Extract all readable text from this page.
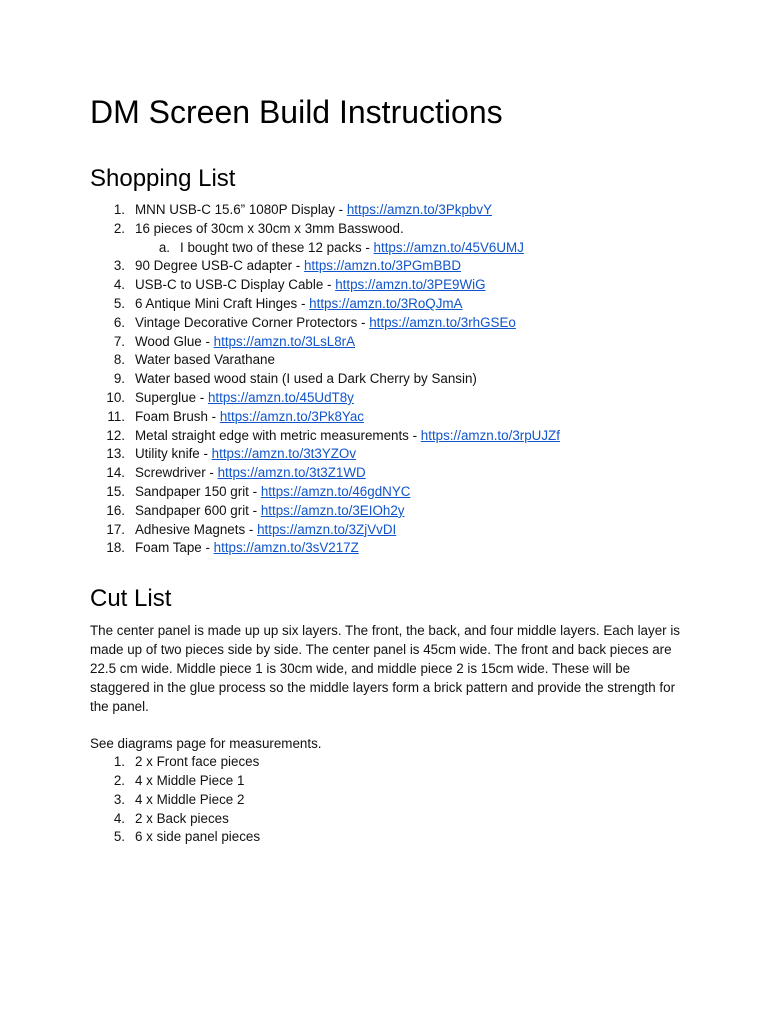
DM Screen Build Instructions
Shopping List
1. MNN USB-C 15.6” 1080P Display - https://amzn.to/3PkpbvY
2. 16 pieces of 30cm x 30cm x 3mm Basswood.
a. I bought two of these 12 packs - https://amzn.to/45V6UMJ
3. 90 Degree USB-C adapter - https://amzn.to/3PGmBBD
4. USB-C to USB-C Display Cable - https://amzn.to/3PE9WiG
5. 6 Antique Mini Craft Hinges - https://amzn.to/3RoQJmA
6. Vintage Decorative Corner Protectors - https://amzn.to/3rhGSEo
7. Wood Glue - https://amzn.to/3LsL8rA
8. Water based Varathane
9. Water based wood stain (I used a Dark Cherry by Sansin)
10. Superglue - https://amzn.to/45UdT8y
11. Foam Brush - https://amzn.to/3Pk8Yac
12. Metal straight edge with metric measurements - https://amzn.to/3rpUJZf
13. Utility knife - https://amzn.to/3t3YZOv
14. Screwdriver - https://amzn.to/3t3Z1WD
15. Sandpaper 150 grit - https://amzn.to/46gdNYC
16. Sandpaper 600 grit - https://amzn.to/3EIOh2y
17. Adhesive Magnets - https://amzn.to/3ZjVvDI
18. Foam Tape - https://amzn.to/3sV217Z
Cut List

The center panel is made up up six layers. The front, the back, and four middle layers. Each layer is made up of two pieces side by side. The center panel is 45cm wide. The front and back pieces are 22.5 cm wide. Middle piece 1 is 30cm wide, and middle piece 2 is 15cm wide. These will be staggered in the glue process so the middle layers form a brick pattern and provide the strength for the panel.

See diagrams page for measurements.

1. 2 x Front face pieces
2. 4 x Middle Piece 1
3. 4 x Middle Piece 2
4. 2 x Back pieces
5. 6 x side panel pieces
